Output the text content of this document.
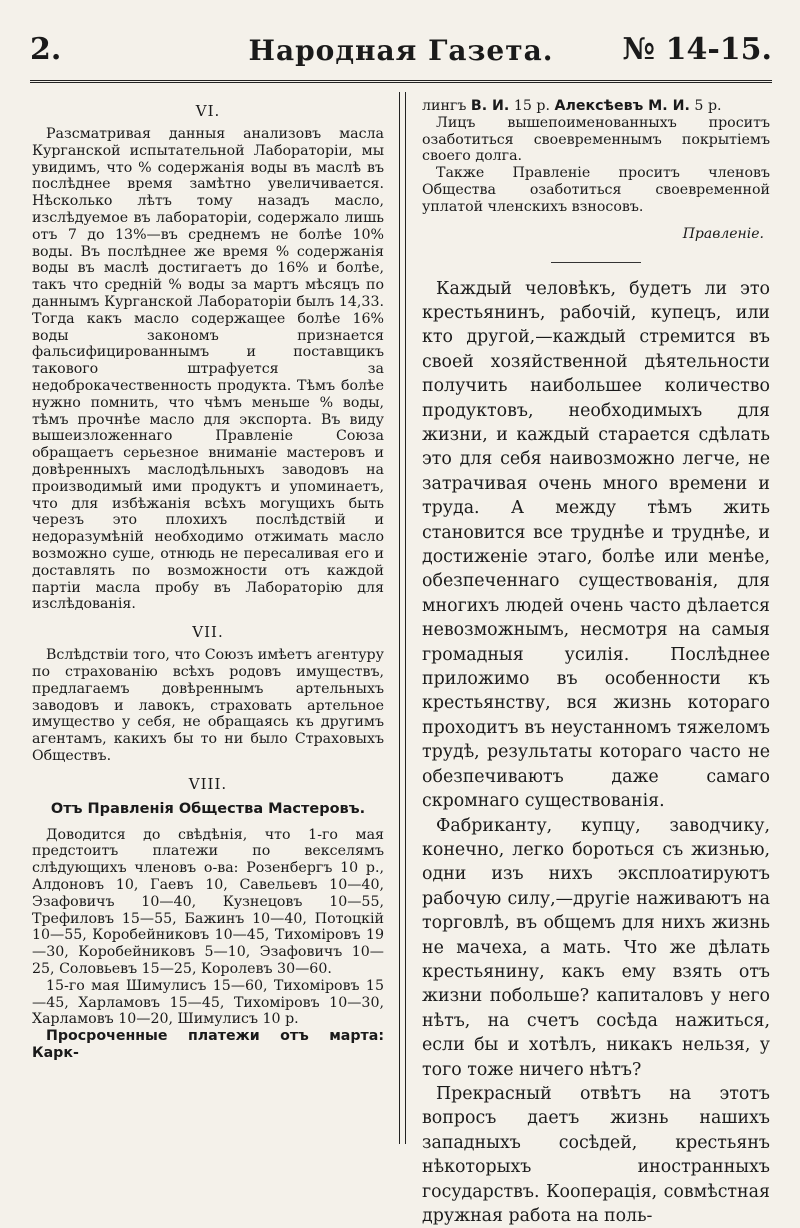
2.	Народная Газета.	№ 14-15.
VI.

Разсматривая данныя анализовъ масла Курганской испытательной Лабораторіи, мы увидимъ, что % содержанія воды въ маслѣ въ послѣднее время замѣтно увеличивается. Нѣсколько лѣтъ тому назадъ масло, изслѣдуемое въ лабораторіи, содержало лишь отъ 7 до 13%—въ среднемъ не болѣе 10% воды. Въ послѣднее же время % содержанія воды въ маслѣ достигаетъ до 16% и болѣе, такъ что средній % воды за мартъ мѣсяцъ по даннымъ Курганской Лабораторіи былъ 14,33. Тогда какъ масло содержащее болѣе 16% воды закономъ признается фальсифицированнымъ и поставщикъ такового штрафуется за недоброкачественность продукта. Тѣмъ болѣе нужно помнить, что чѣмъ меньше % воды, тѣмъ прочнѣе масло для экспорта. Въ виду вышеизложеннаго Правленіе Союза обращаетъ серьезное вниманіе мастеровъ и довѣренныхъ маслодѣльныхъ заводовъ на производимый ими продуктъ и упоминаетъ, что для избѣжанія всѣхъ могущихъ быть черезъ это плохихъ послѣдствій и недоразумѣній необходимо отжимать масло возможно суше, отнюдь не пересаливая его и доставлять по возможности отъ каждой партіи масла пробу въ Лабораторію для изслѣдованія.

VII.

Вслѣдствіи того, что Союзъ имѣетъ агентуру по страхованію всѣхъ родовъ имуществъ, предлагаемъ довѣреннымъ артельныхъ заводовъ и лавокъ, страховать артельное имущество у себя, не обращаясь къ другимъ агентамъ, какихъ бы то ни было Страховыхъ Обществъ.

VIII.
Отъ Правленія Общества Мастеровъ.

Доводится до свѣдѣнія, что 1-го мая предстоитъ платежи по векселямъ слѣдующихъ членовъ о-ва: Розенбергъ 10 р., Алдоновъ 10, Гаевъ 10, Савельевъ 10—40, Эзафовичъ 10—40, Кузнецовъ 10—55, Трефиловъ 15—55, Бажинъ 10—40, Потоцкій 10—55, Коробейниковъ 10—45, Тихоміровъ 19—30, Коробейниковъ 5—10, Эзафовичъ 10—25, Соловьевъ 15—25, Королевъ 30—60.

15-го мая Шимулисъ 15—60, Тихоміровъ 15—45, Харламовъ 15—45, Тихоміровъ 10—30, Харламовъ 10—20, Шимулисъ 10 р.

Просроченные платежи отъ марта: Карк-

лингъ В. И. 15 р. Алексѣевъ М. И. 5 р.

Лицъ вышепоименованныхъ проситъ озаботиться своевременнымъ покрытіемъ своего долга.

Также Правленіе проситъ членовъ Общества озаботиться своевременной уплатой членскихъ взносовъ.

Правленіе.

Каждый человѣкъ, будетъ ли это крестьянинъ, рабочій, купецъ, или кто другой,—каждый стремится въ своей хозяйственной дѣятельности получить наибольшее количество продуктовъ, необходимыхъ для жизни, и каждый старается сдѣлать это для себя наивозможно легче, не затрачивая очень много времени и труда. А между тѣмъ жить становится все труднѣе и труднѣе, и достиженіе этаго, болѣе или менѣе, обезпеченнаго существованія, для многихъ людей очень часто дѣлается невозможнымъ, несмотря на самыя громадныя усилія. Послѣднее приложимо въ особенности къ крестьянству, вся жизнь котораго проходитъ въ неустанномъ тяжеломъ трудѣ, результаты котораго часто не обезпечиваютъ даже самаго скромнаго существованія.

Фабриканту, купцу, заводчику, конечно, легко бороться съ жизнью, одни изъ нихъ эксплоатируютъ рабочую силу,—другіе наживаютъ на торговлѣ, въ общемъ для нихъ жизнь не мачеха, а мать. Что же дѣлать крестьянину, какъ ему взять отъ жизни побольше? капиталовъ у него нѣтъ, на счетъ сосѣда нажиться, если бы и хотѣлъ, никакъ нельзя, у того тоже ничего нѣтъ?

Прекрасный отвѣтъ на этотъ вопросъ даетъ жизнь нашихъ западныхъ сосѣдей, крестьянъ нѣкоторыхъ иностранныхъ государствъ. Кооперація, совмѣстная дружная работа на поль-
